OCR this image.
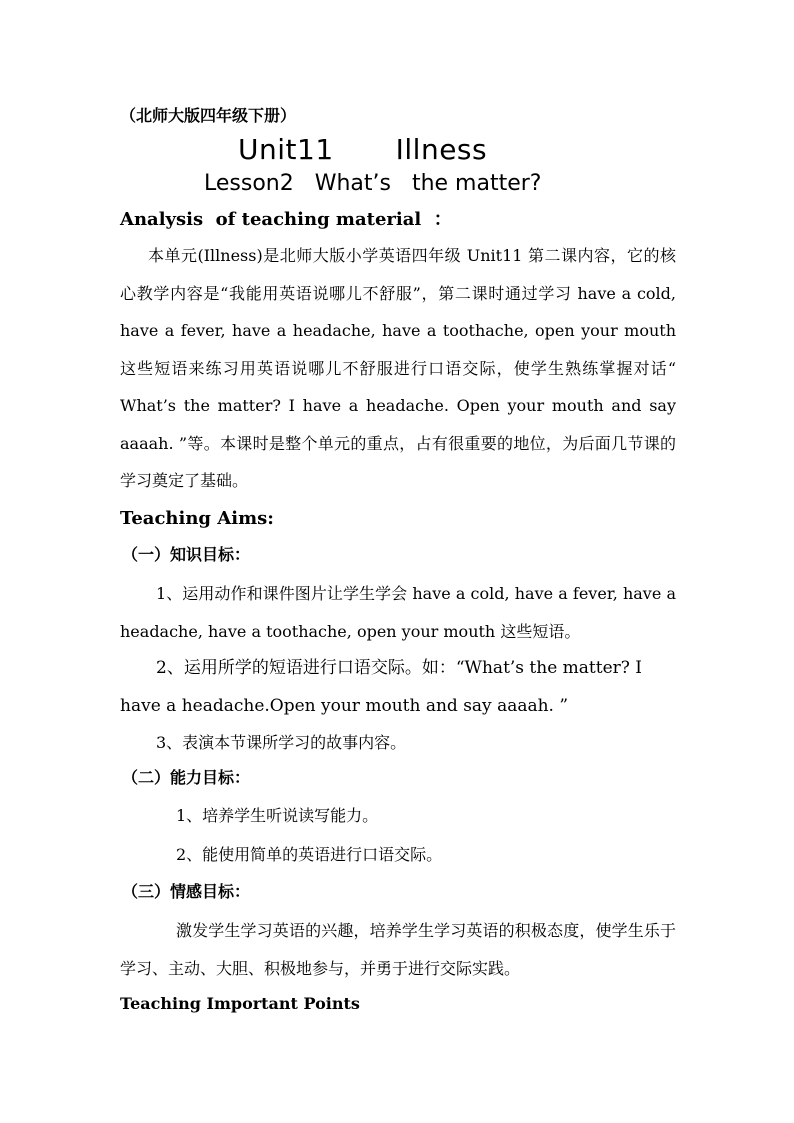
（北师大版四年级下册）
Unit11 Illness
Lesson2   What’s   the matter?
Analysis  of teaching material  ：
本单元(Illness)是北师大版小学英语四年级 Unit11 第二课内容，它的核心教学内容是“我能用英语说哪儿不舒服”，第二课时通过学习 have a cold, have a fever, have a headache, have a toothache, open your mouth 这些短语来练习用英语说哪儿不舒服进行口语交际，使学生熟练掌握对话“ What’s the matter? I have a headache. Open your mouth and say aaaah. ”等。本课时是整个单元的重点，占有很重要的地位，为后面几节课的学习奠定了基础。
Teaching Aims:
（一）知识目标：
1、运用动作和课件图片让学生学会 have a cold, have a fever, have a headache, have a toothache, open your mouth 这些短语。
2、运用所学的短语进行口语交际。如：“What’s the matter? I have a headache.Open your mouth and say aaaah. ”
3、表演本节课所学习的故事内容。
（二）能力目标：
1、培养学生听说读写能力。
2、能使用简单的英语进行口语交际。
（三）情感目标：
激发学生学习英语的兴趣，培养学生学习英语的积极态度，使学生乐于学习、主动、大胆、积极地参与，并勇于进行交际实践。
Teaching Important Points
